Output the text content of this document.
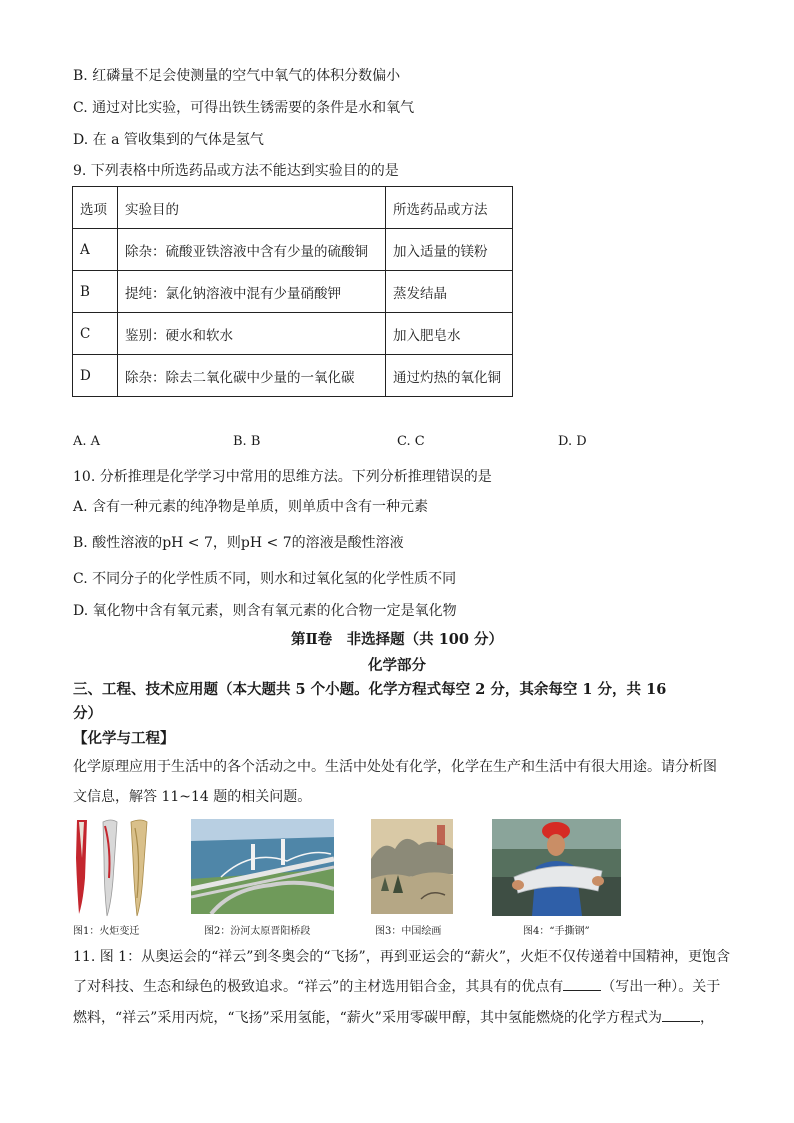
B. 红磷量不足会使测量的空气中氧气的体积分数偏小
C. 通过对比实验，可得出铁生锈需要的条件是水和氧气
D. 在 a 管收集到的气体是氢气
9. 下列表格中所选药品或方法不能达到实验目的的是
选项	实验目的	所选药品或方法
A	除杂：硫酸亚铁溶液中含有少量的硫酸铜	加入适量的镁粉
B	提纯：氯化钠溶液中混有少量硝酸钾	蒸发结晶
C	鉴别：硬水和软水	加入肥皂水
D	除杂：除去二氧化碳中少量的一氧化碳	通过灼热的氧化铜
A. A	B. B	C. C	D. D
10. 分析推理是化学学习中常用的思维方法。下列分析推理错误的是
A. 含有一种元素的纯净物是单质，则单质中含有一种元素
B. 酸性溶液的pH < 7，则pH < 7的溶液是酸性溶液
C. 不同分子的化学性质不同，则水和过氧化氢的化学性质不同
D. 氧化物中含有氧元素，则含有氧元素的化合物一定是氧化物
第Ⅱ卷　非选择题（共 100 分）
化学部分
三、工程、技术应用题（本大题共 5 个小题。化学方程式每空 2 分，其余每空 1 分，共 16
分）
【化学与工程】
化学原理应用于生活中的各个活动之中。生活中处处有化学，化学在生产和生活中有很大用途。请分析图
文信息，解答 11~14 题的相关问题。
图1：火炬变迁	图2：汾河太原晋阳桥段	图3：中国绘画	图4：“手撕钢”
11. 图 1：从奥运会的“祥云”到冬奥会的“飞扬”，再到亚运会的“薪火”，火炬不仅传递着中国精神，更饱含
了对科技、生态和绿色的极致追求。“祥云”的主材选用铝合金，其具有的优点有	（写出一种）。关于
燃料，“祥云”采用丙烷，“飞扬”采用氢能，“薪火”采用零碳甲醇，其中氢能燃烧的化学方程式为	，
